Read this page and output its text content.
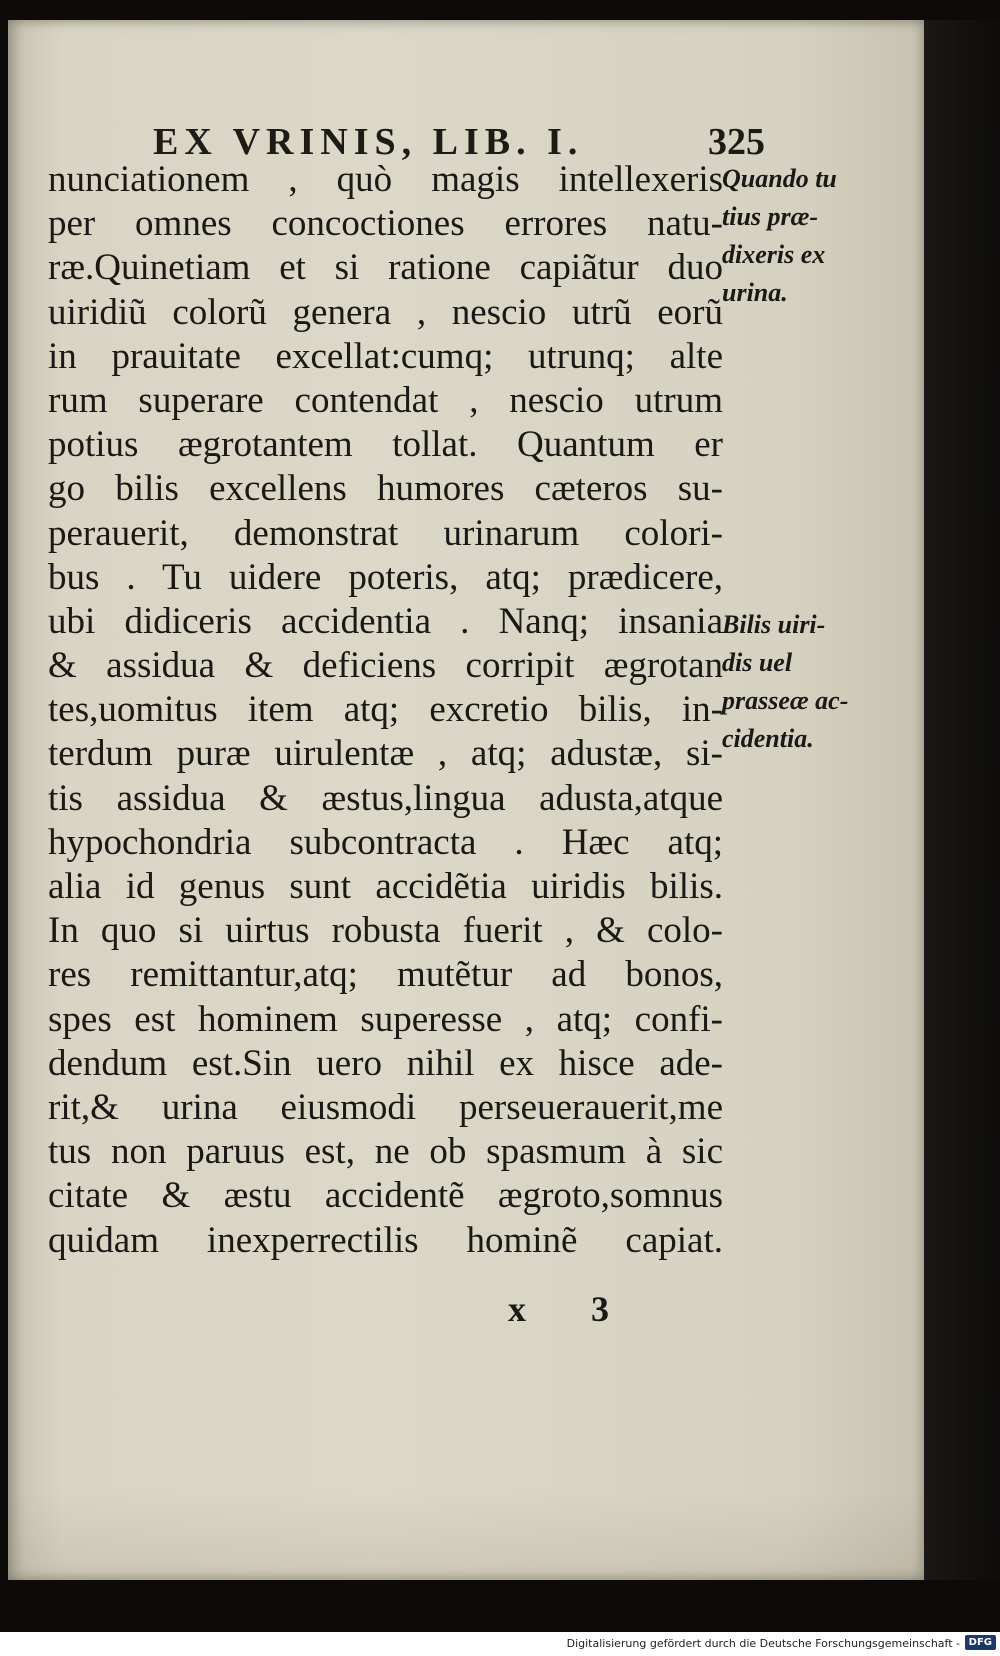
EX VRINIS, LIB. I.	325
nunciationem , quò magis intellexeris
per omnes concoctiones errores natu-
ræ.Quinetiam et si ratione capiãtur duo
uiridiũ colorũ genera , nescio utrũ eorũ
in prauitate excellat:cumq; utrunq; alte
rum superare contendat , nescio utrum
potius ægrotantem tollat. Quantum er
go bilis excellens humores cæteros su-
perauerit, demonstrat urinarum colori-
bus . Tu uidere poteris, atq; prædicere,
ubi didiceris accidentia . Nanq; insania
& assidua & deficiens corripit ægrotan
tes,uomitus item atq; excretio bilis, in-
terdum puræ uirulentæ , atq; adustæ, si-
tis assidua & æstus,lingua adusta,atque
hypochondria subcontracta . Hæc atq;
alia id genus sunt accidẽtia uiridis bilis.
In quo si uirtus robusta fuerit , & colo-
res remittantur,atq; mutẽtur ad bonos,
spes est hominem superesse , atq; confi-
dendum est.Sin uero nihil ex hisce ade-
rit,& urina eiusmodi perseuerauerit,me
tus non paruus est, ne ob spasmum à sic
citate & æstu accidentẽ ægroto,somnus
quidam inexperrectilis hominẽ capiat.
Quando tu
tius præ-
dixeris ex
urina.
Bilis uiri-
dis uel
prasseæ ac-
cidentia.
x 3
Digitalisierung gefördert durch die Deutsche Forschungsgemeinschaft - DFG
